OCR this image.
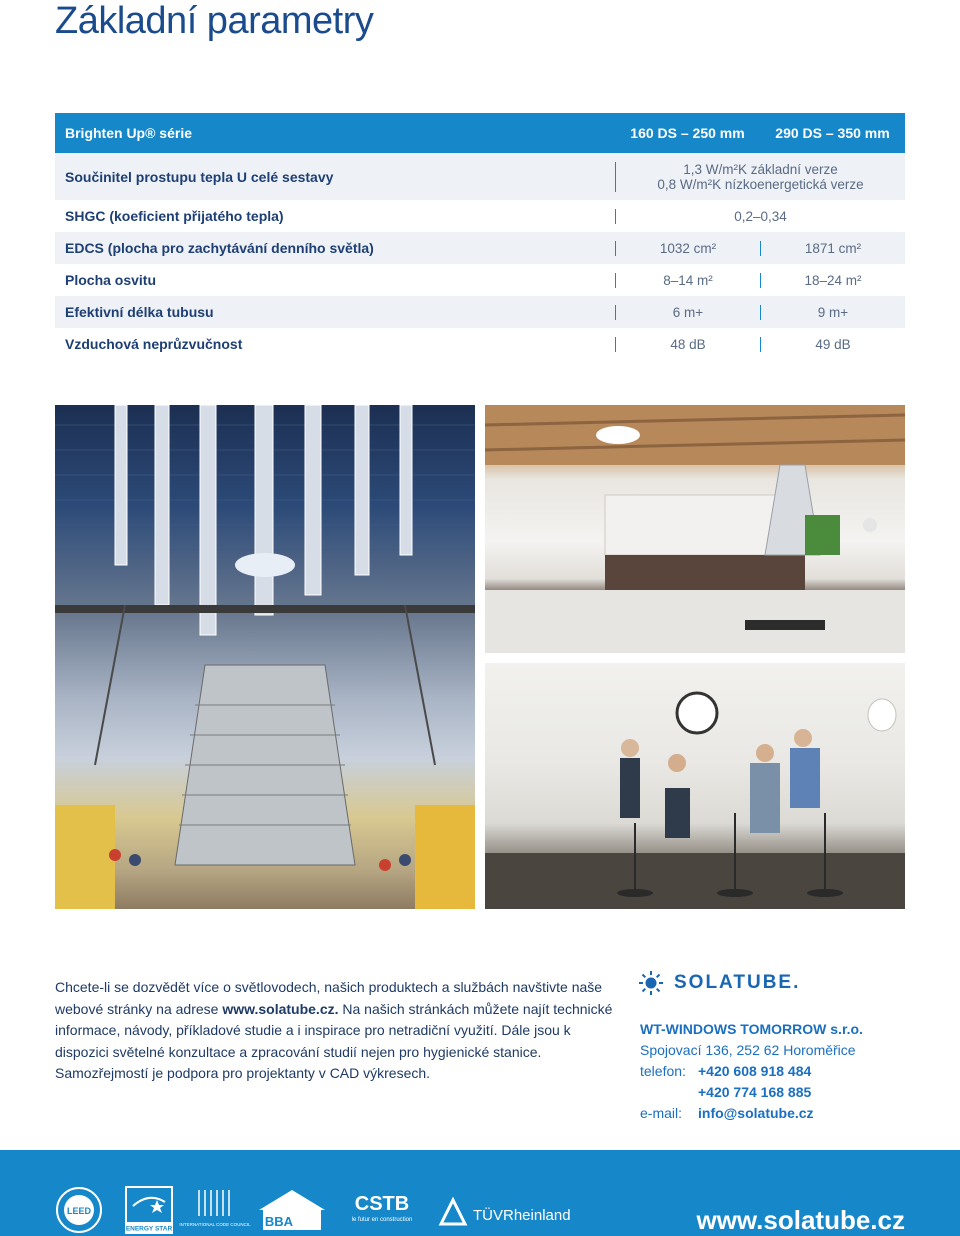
Základní parametry
Brighten Up® série	160 DS – 250 mm	290 DS – 350 mm
Součinitel prostupu tepla U celé sestavy	1,3 W/m²K základní verze
0,8 W/m²K nízkoenergetická verze
SHGC (koeficient přijatého tepla)	0,2–0,34
EDCS (plocha pro zachytávání denního světla)	1032 cm²	1871 cm²
Plocha osvitu	8–14 m²	18–24 m²
Efektivní délka tubusu	6 m+	9 m+
Vzduchová neprůzvučnost	48 dB	49 dB
Chcete-li se dozvědět více o světlovodech, našich produktech a službách navštivte naše webové stránky na adrese www.solatube.cz. Na našich stránkách můžete najít technické informace, návody, příkladové studie a i inspirace pro netradiční využití. Dále jsou k dispozici světelné konzultace a zpracování studií nejen pro hygienické stanice. Samozřejmostí je podpora pro projektanty v CAD výkresech.
SOLATUBE.
WT-WINDOWS TOMORROW s.r.o.
Spojovací 136, 252 62 Horoměřice
telefon: +420 608 918 484
+420 774 168 885
e-mail:	info@solatube.cz
www.solatube.cz
LEED
ENERGY STAR
INTERNATIONAL CODE COUNCIL BBA
CSTB
le futur en construction	TÜVRheinland
